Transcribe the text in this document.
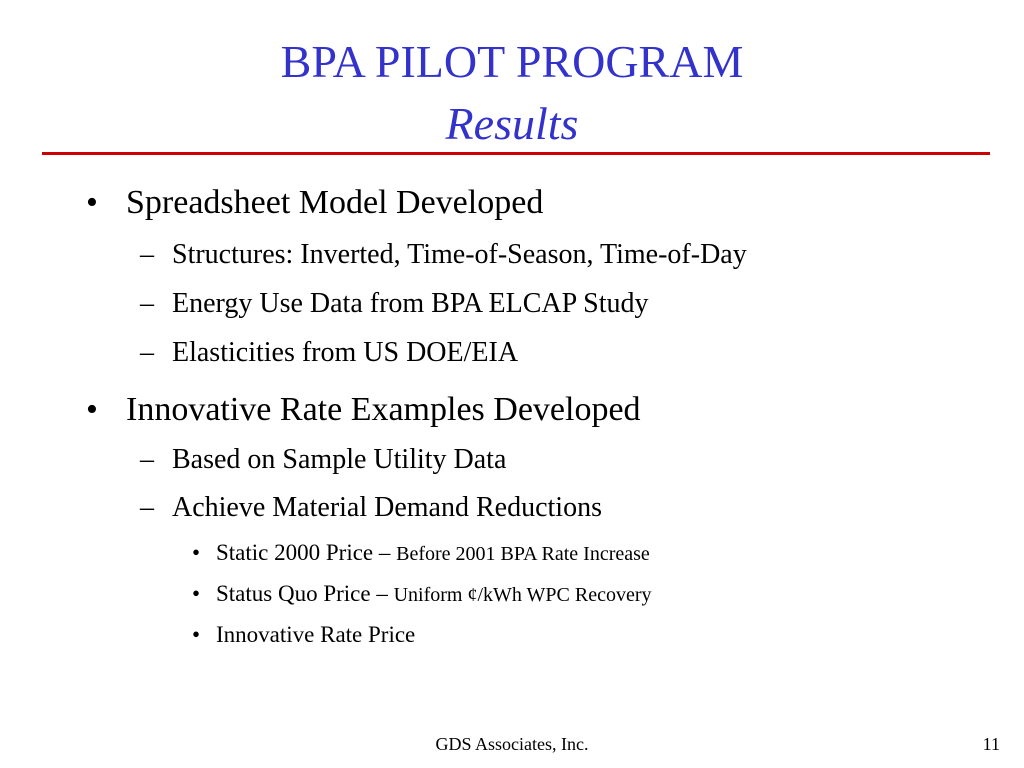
BPA PILOT PROGRAM
Results
• Spreadsheet Model Developed
– Structures: Inverted, Time-of-Season, Time-of-Day
– Energy Use Data from BPA ELCAP Study
– Elasticities from US DOE/EIA
• Innovative Rate Examples Developed
– Based on Sample Utility Data
– Achieve Material Demand Reductions
• Static 2000 Price – Before 2001 BPA Rate Increase
• Status Quo Price – Uniform ¢/kWh WPC Recovery
• Innovative Rate Price
GDS Associates, Inc.	11
